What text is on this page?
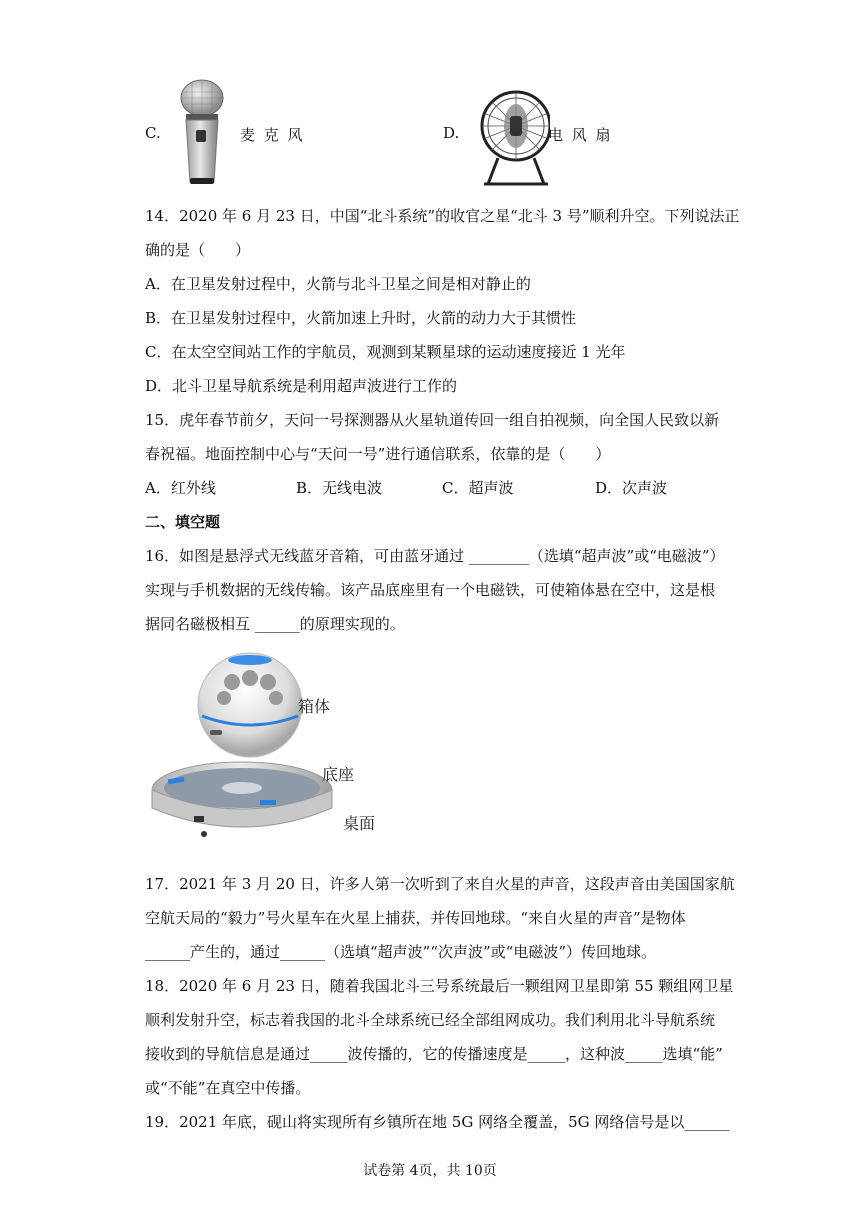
C.	麦 克 风	D.	电 风 扇
14．2020 年 6 月 23 日，中国“北斗系统”的收官之星“北斗 3 号”顺利升空。下列说法正
确的是（　　）
A．在卫星发射过程中，火箭与北斗卫星之间是相对静止的
B．在卫星发射过程中，火箭加速上升时，火箭的动力大于其惯性
C．在太空空间站工作的宇航员，观测到某颗星球的运动速度接近 1 光年
D．北斗卫星导航系统是利用超声波进行工作的
15．虎年春节前夕，天问一号探测器从火星轨道传回一组自拍视频，向全国人民致以新
春祝福。地面控制中心与“天问一号”进行通信联系，依靠的是（　　）
A．红外线	B．无线电波	C．超声波	D．次声波
二、填空题
16．如图是悬浮式无线蓝牙音箱，可由蓝牙通过 ________（选填“超声波”或“电磁波”）
实现与手机数据的无线传输。该产品底座里有一个电磁铁，可使箱体悬在空中，这是根
据同名磁极相互 ______的原理实现的。
箱体
底座
桌面
17．2021 年 3 月 20 日，许多人第一次听到了来自火星的声音，这段声音由美国国家航
空航天局的“毅力”号火星车在火星上捕获，并传回地球。“来自火星的声音”是物体
______产生的，通过______（选填“超声波”“次声波”或“电磁波”）传回地球。
18．2020 年 6 月 23 日，随着我国北斗三号系统最后一颗组网卫星即第 55 颗组网卫星
顺利发射升空，标志着我国的北斗全球系统已经全部组网成功。我们利用北斗导航系统
接收到的导航信息是通过_____波传播的，它的传播速度是_____，这种波_____选填“能”
或“不能”在真空中传播。
19．2021 年底，砚山将实现所有乡镇所在地 5G 网络全覆盖，5G 网络信号是以______
试卷第 4页，共 10页
